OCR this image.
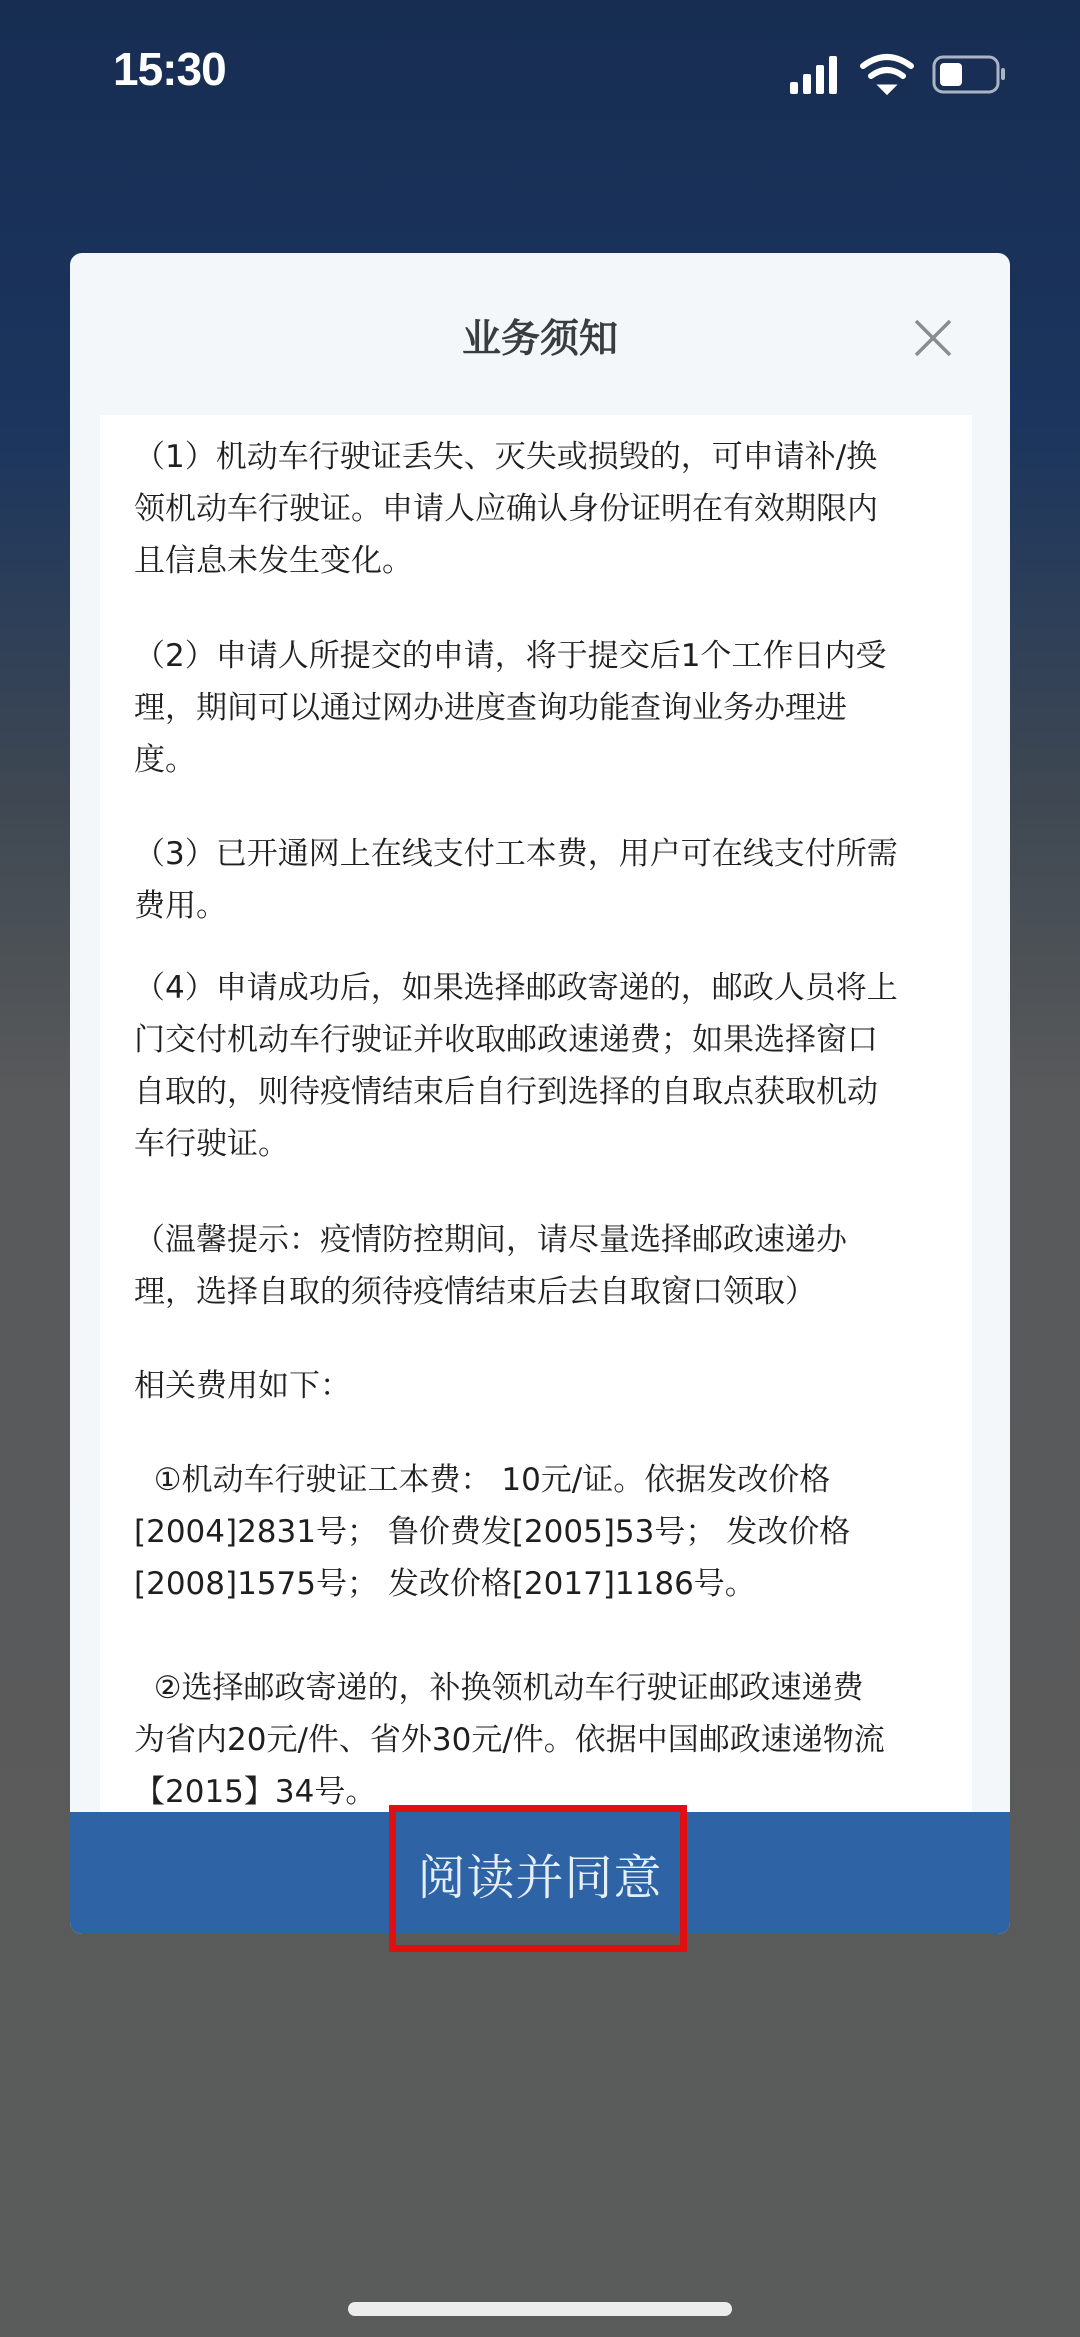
15:30
业务须知
（1）机动车行驶证丢失、灭失或损毁的，可申请补/换
领机动车行驶证。申请人应确认身份证明在有效期限内
且信息未发生变化。
（2）申请人所提交的申请，将于提交后1个工作日内受
理，期间可以通过网办进度查询功能查询业务办理进
度。
（3）已开通网上在线支付工本费，用户可在线支付所需
费用。
（4）申请成功后，如果选择邮政寄递的，邮政人员将上
门交付机动车行驶证并收取邮政速递费；如果选择窗口
自取的，则待疫情结束后自行到选择的自取点获取机动
车行驶证。
（温馨提示：疫情防控期间，请尽量选择邮政速递办
理，选择自取的须待疫情结束后去自取窗口领取）
相关费用如下：
①机动车行驶证工本费： 10元/证。依据发改价格
[2004]2831号； 鲁价费发[2005]53号； 发改价格
[2008]1575号； 发改价格[2017]1186号。
②选择邮政寄递的，补换领机动车行驶证邮政速递费
为省内20元/件、省外30元/件。依据中国邮政速递物流
【2015】34号。
阅读并同意
